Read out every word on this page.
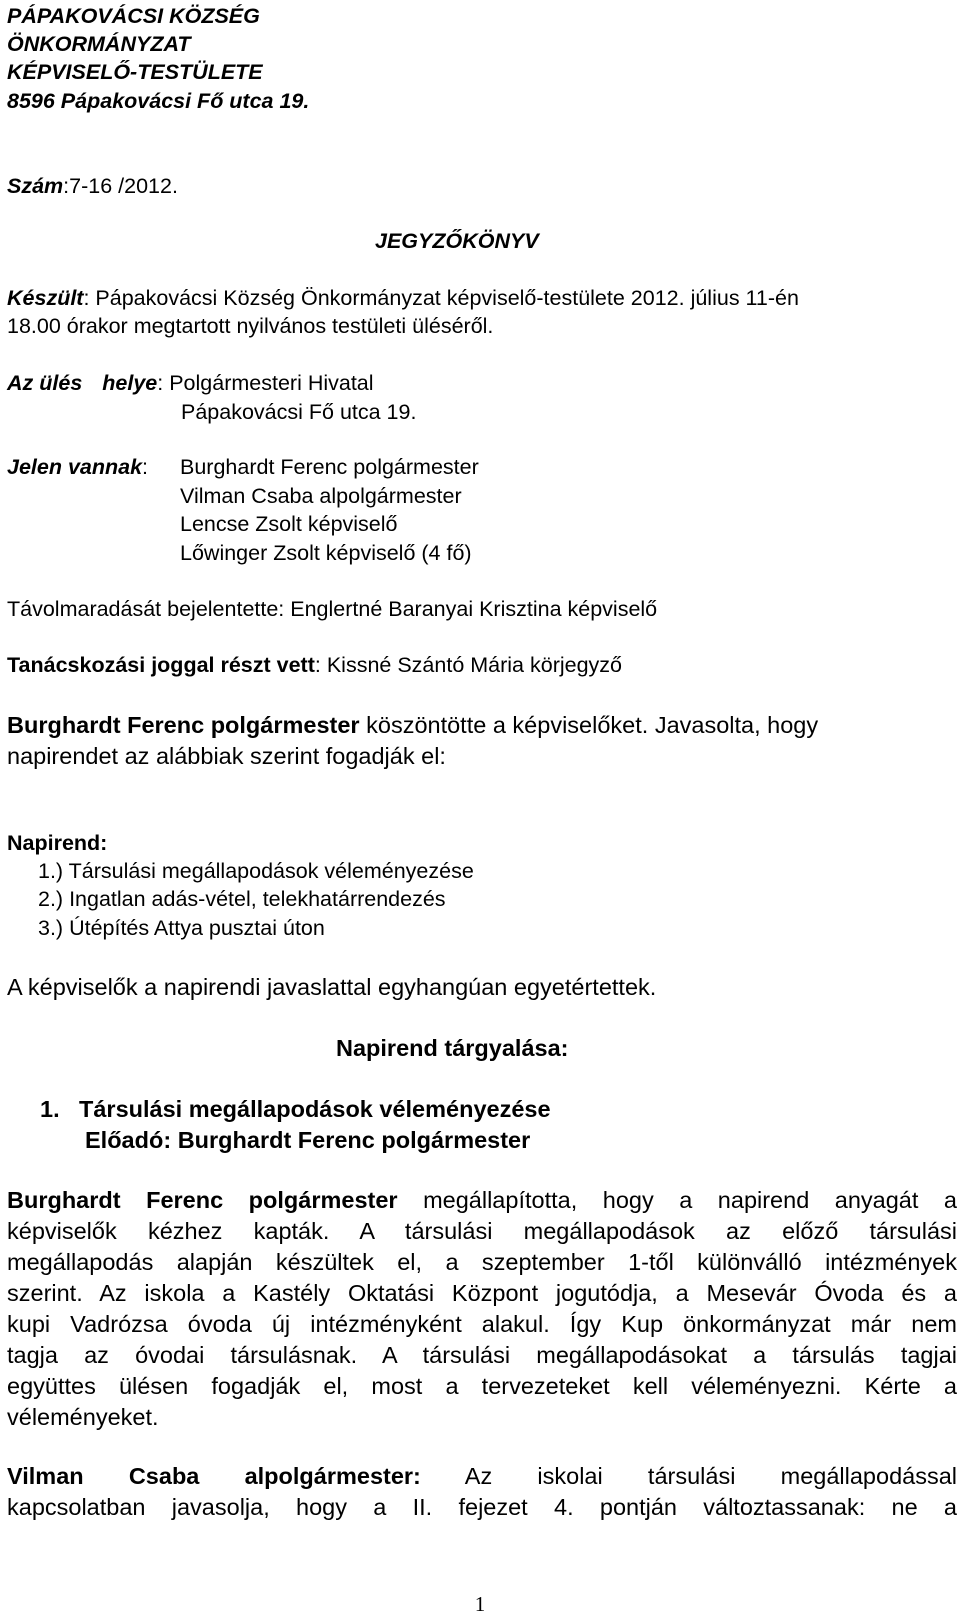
PÁPAKOVÁCSI KÖZSÉG
ÖNKORMÁNYZAT
KÉPVISELŐ-TESTÜLETE
8596 Pápakovácsi Fő utca 19.
Szám:7-16 /2012.
JEGYZŐKÖNYV
Készült: Pápakovácsi Község Önkormányzat képviselő-testülete 2012. július 11-én
18.00 órakor megtartott nyilvános testületi üléséről.
Az ülés helye: Polgármesteri Hivatal
Pápakovácsi Fő utca 19.
Jelen vannak: Burghardt Ferenc polgármester
Vilman Csaba alpolgármester
Lencse Zsolt képviselő
Lőwinger Zsolt képviselő (4 fő)
Távolmaradását bejelentette: Englertné Baranyai Krisztina képviselő
Tanácskozási joggal részt vett: Kissné Szántó Mária körjegyző
Burghardt Ferenc polgármester köszöntötte a képviselőket. Javasolta, hogy
napirendet az alábbiak szerint fogadják el:
Napirend:
1.) Társulási megállapodások véleményezése
2.) Ingatlan adás-vétel, telekhatárrendezés
3.) Útépítés Attya pusztai úton
A képviselők a napirendi javaslattal egyhangúan egyetértettek.
Napirend tárgyalása:
1. Társulási megállapodások véleményezése
Előadó: Burghardt Ferenc polgármester
Burghardt Ferenc polgármester megállapította, hogy a napirend anyagát a
képviselők kézhez kapták. A társulási megállapodások az előző társulási
megállapodás alapján készültek el, a szeptember 1-től különválló intézmények
szerint. Az iskola a Kastély Oktatási Központ jogutódja, a Mesevár Óvoda és a
kupi Vadrózsa óvoda új intézményként alakul. Így Kup önkormányzat már nem
tagja az óvodai társulásnak. A társulási megállapodásokat a társulás tagjai
együttes ülésen fogadják el, most a tervezeteket kell véleményezni. Kérte a
véleményeket.
Vilman Csaba alpolgármester: Az iskolai társulási megállapodással
kapcsolatban javasolja, hogy a II. fejezet 4. pontján változtassanak: ne a
1
